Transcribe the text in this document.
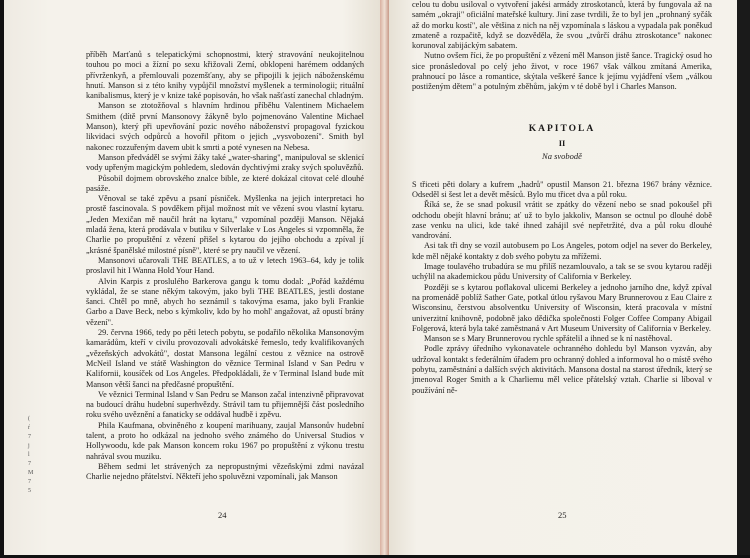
příběh Marťanů s telepatickými schopnostmi, který stravování neukojitelnou touhou po moci a žízní po sexu křižovali Zemí, obklopeni harémem oddaných přívrženkyň, a přemlouvali pozemšťany, aby se připojili k jejich náboženskému hnutí. Manson si z této knihy vypůjčil množství myšlenek a terminologii; rituální kanibalismus, který je v knize také popisován, ho však našťastí zanechal chladným.

Manson se ztotožňoval s hlavním hrdinou příběhu Valentinem Michaelem Smithem (dítě první Mansonovy žákyně bylo pojmenováno Valentine Michael Manson), který při upevňování pozic nového náboženství propagoval fyzickou likvidaci svých odpůrců a hovořil přitom o jejich „vysvobození". Smith byl nakonec rozzuřeným davem ubit k smrti a poté vynesen na Nebesa.

Manson předváděl se svými žáky také „water-sharing", manipuloval se sklenicí vody upřeným magickým pohledem, sledován dychtivými zraky svých spoluvězňů.

Působil dojmem obrovského znalce bible, ze které dokázal citovat celé dlouhé pasáže.

Věnoval se také zpěvu a psaní písniček. Myšlenka na jejich interpretaci ho prostě fascinovala. S povděkem přijal možnost mít ve vězení svou vlastní kytaru. „Jeden Mexičan mě naučil hrát na kytaru," vzpomínal později Manson. Nějaká mladá žena, která prodávala v butiku v Silverlake v Los Angeles si vzpomněla, že Charlie po propuštění z vězení přišel s kytarou do jejího obchodu a zpíval jí „krásné španělské milostné písně", které se pry naučil ve vězení.

Mansonovi učarovali THE BEATLES, a to už v letech 1963–64, kdy je tolik proslavil hit I Wanna Hold Your Hand.

Alvin Karpis z proslulého Barkerova gangu k tomu dodal: „Pořád každému vykládal, že se stane někým takovým, jako byli THE BEATLES, jestli dostane šanci. Chtěl po mně, abych ho seznámil s takovýma esama, jako byli Frankie Garbo a Dave Beck, nebo s kýmkoliv, kdo by ho mohl' angažovat, až opustí brány vězení".

29. června 1966, tedy po pěti letech pobytu, se podařilo několika Mansonovým kamarádům, kteří v civilu provozovali advokátské řemeslo, tedy kvalifikovaných „vězeňských advokátů", dostat Mansona legální cestou z věznice na ostrově McNeil Island ve státě Washington do věznice Terminal Island v San Pedru v Kalifornii, kousíček od Los Angeles. Předpokládali, že v Terminal Island bude mít Manson větší šanci na předčasné propuštění.

Ve věznici Terminal Island v San Pedru se Manson začal intenzivně připravovat na budoucí dráhu hudební superhvězdy. Strávil tam tu přijemnější část posledního roku svého uvěznění a fanaticky se oddával hudbě i zpěvu.

Phila Kaufmana, obviněného z koupení marihuany, zaujal Mansonův hudební talent, a proto ho odkázal na jednoho svého známého do Universal Studios v Hollywoodu, kde pak Manson koncem roku 1967 po propuštění z výkonu trestu nahrával svou muziku.

Během sedmi let strávených za nepropustnými vězeňskými zdmi navázal Charlie nejedno přátelství. Někteří jeho spoluvězni vzpomínali, jak Manson

(
ŕ
7
j
l
7
M
7
5
24

celou tu dobu usiloval o vytvoření jakési armády ztroskotanců, která by fungovala až na samém „okraji" oficiální mateřské kultury. Jiní zase tvrdili, že to byl jen „prohnaný syčák až do morku kostí", ale většina z nich na něj vzpomínala s láskou a vypadala pak poněkud zmateně a rozpačitě, když se dozvěděla, že svou „tvůrčí dráhu ztroskotance" nakonec korunoval zabijáckým sabatem.

Nutno ovšem říci, že po propuštění z vězení měl Manson jistě šance. Tragický osud ho sice pronásledoval po celý jeho život, v roce 1967 však válkou zmítaná Amerika, prahnoucí po lásce a romantice, skýtala veškeré šance k jejímu vyjádření všem „válkou postiženým dětem" a potulným zběhům, jakým v té době byl i Charles Manson.

KAPITOLA
II
Na svobodě

S třiceti pěti dolary a kufrem „hadrů" opustil Manson 21. března 1967 brány věznice. Odseděl si šest let a devět měsíců. Bylo mu třicet dva a půl roku.

Říká se, že se snad pokusil vrátit se zpátky do vězení nebo se snad pokoušel při odchodu obejít hlavní bránu; ať už to bylo jakkoliv, Manson se octnul po dlouhé době zase venku na ulici, kde také ihned zahájil své nepřetržité, dva a půl roku dlouhé vandrování.

Asi tak tři dny se vozil autobusem po Los Angeles, potom odjel na sever do Berkeley, kde měl nějaké kontakty z dob svého pobytu za mřížemi.

Image toulavého trubadúra se mu přilíš nezamlouvalo, a tak se se svou kytarou raději uchýlil na akademickou půdu University of California v Berkeley.

Později se s kytarou poflakoval ulicemi Berkeley a jednoho jarního dne, když zpíval na promenádě poblíž Sather Gate, potkal útlou ryšavou Mary Brunnerovou z Eau Claire z Wisconsinu, čerstvou absolventku University of Wisconsin, která pracovala v místní univerzitní knihovně, podobně jako dědička společnosti Folger Coffee Company Abigail Folgerová, která byla také zaměstnaná v Art Museum University of California v Berkeley.

Manson se s Mary Brunnerovou rychle spřátelil a ihned se k ní nastěhoval.

Podle zprávy úředního vykonavatele ochranného dohledu byl Manson vyzván, aby udržoval kontakt s federálním úřadem pro ochranný dohled a informoval ho o místě svého pobytu, zaměstnání a dalších svých aktivitách. Mansona dostal na starost úředník, který se jmenoval Roger Smith a k Charliemu měl velice přátelský vztah. Charlie si líboval v používání ně-

25
